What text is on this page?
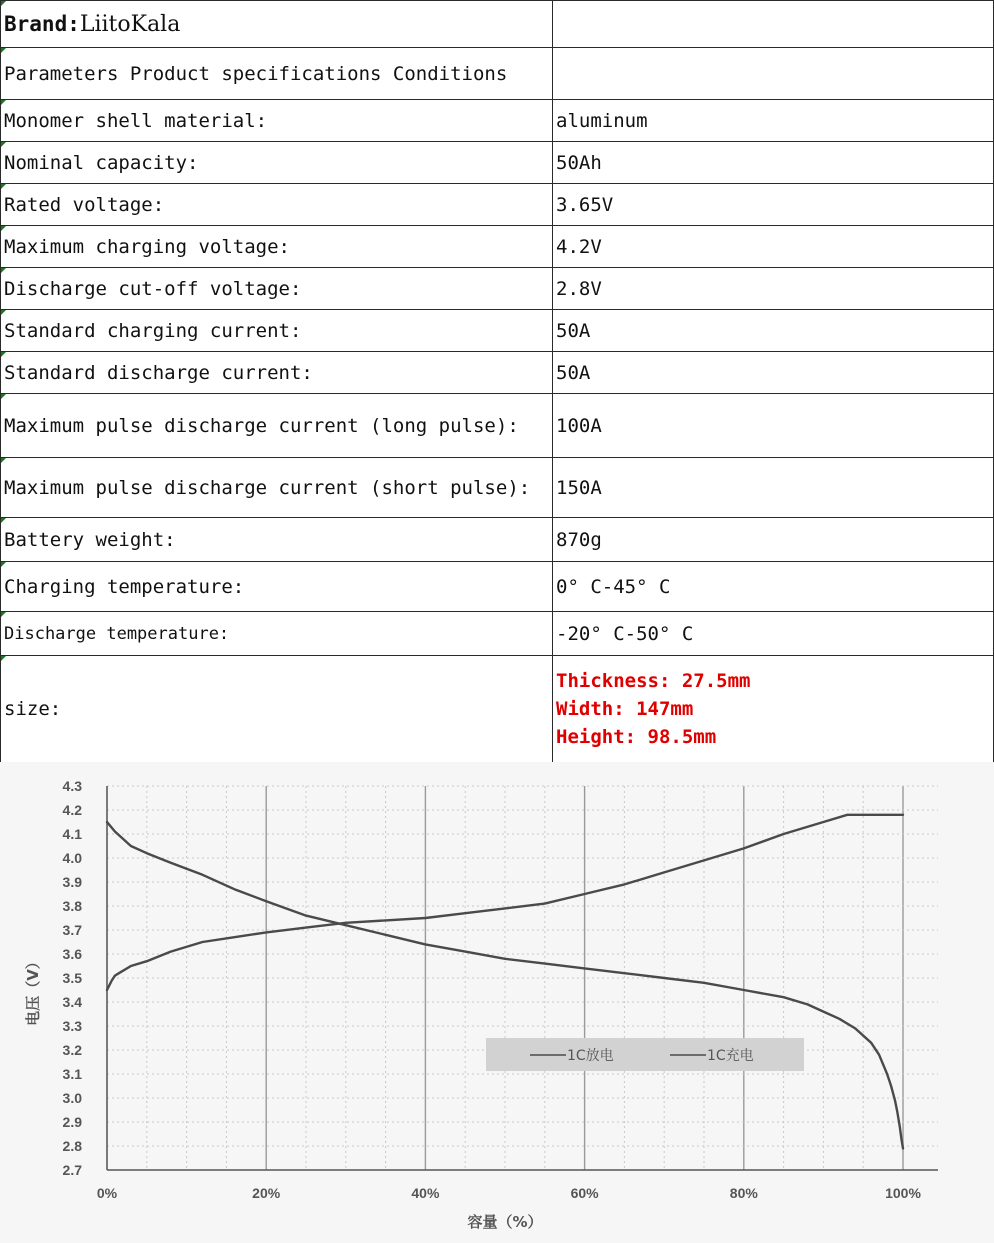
Brand:LiitoKala	
Parameters Product specifications Conditions	
Monomer shell material:	aluminum
Nominal capacity:	50Ah
Rated voltage:	3.65V
Maximum charging voltage:	4.2V
Discharge cut-off voltage:	2.8V
Standard charging current:	50A
Standard discharge current:	50A
Maximum pulse discharge current (long pulse):	100A
Maximum pulse discharge current (short pulse):	150A
Battery weight:	870g
Charging temperature:	0° C-45° C
Discharge temperature:	-20° C-50° C
size:	Thickness: 27.5mm
Width: 147mm
Height: 98.5mm
2.7
2.8
2.9
3.0
3.1
3.2
3.3
3.4
3.5
3.6
3.7
3.8
3.9
4.0
4.1
4.2
4.3
0%	20%	40%	60%	80%	100%
容量（%）
电压（V）
1C放电	1C充电
